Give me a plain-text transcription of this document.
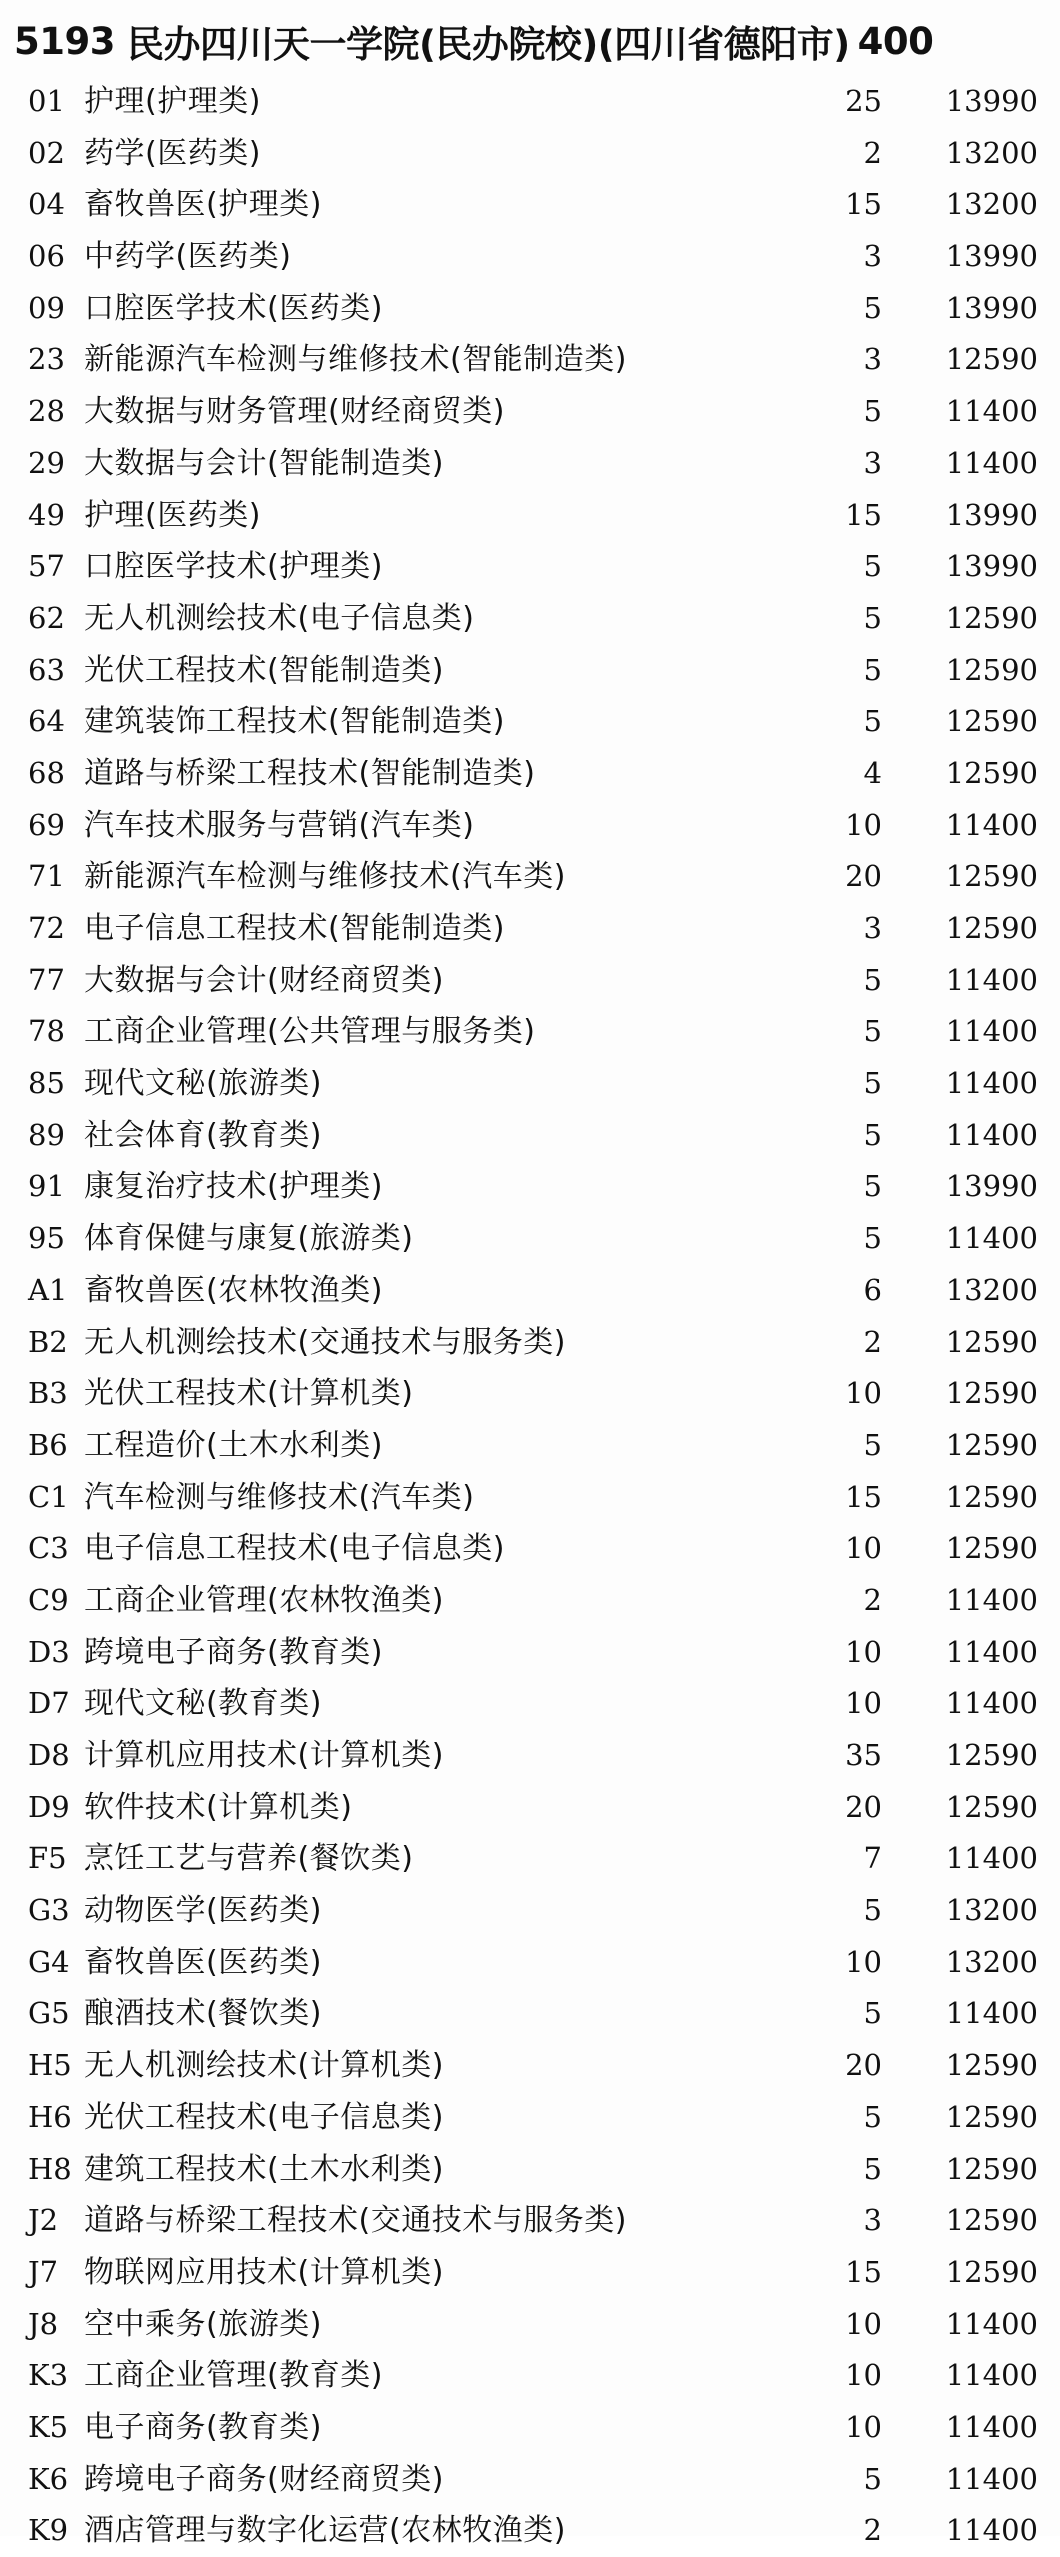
5193 民办四川天一学院(民办院校)(四川省德阳市) 400
01 护理(护理类)	25	13990
02 药学(医药类)	2	13200
04 畜牧兽医(护理类)	15	13200
06 中药学(医药类)	3	13990
09 口腔医学技术(医药类)	5	13990
23 新能源汽车检测与维修技术(智能制造类)	3	12590
28 大数据与财务管理(财经商贸类)	5	11400
29 大数据与会计(智能制造类)	3	11400
49 护理(医药类)	15	13990
57 口腔医学技术(护理类)	5	13990
62 无人机测绘技术(电子信息类)	5	12590
63 光伏工程技术(智能制造类)	5	12590
64 建筑装饰工程技术(智能制造类)	5	12590
68 道路与桥梁工程技术(智能制造类)	4	12590
69 汽车技术服务与营销(汽车类)	10	11400
71 新能源汽车检测与维修技术(汽车类)	20	12590
72 电子信息工程技术(智能制造类)	3	12590
77 大数据与会计(财经商贸类)	5	11400
78 工商企业管理(公共管理与服务类)	5	11400
85 现代文秘(旅游类)	5	11400
89 社会体育(教育类)	5	11400
91 康复治疗技术(护理类)	5	13990
95 体育保健与康复(旅游类)	5	11400
A1 畜牧兽医(农林牧渔类)	6	13200
B2 无人机测绘技术(交通技术与服务类)	2	12590
B3 光伏工程技术(计算机类)	10	12590
B6 工程造价(土木水利类)	5	12590
C1 汽车检测与维修技术(汽车类)	15	12590
C3 电子信息工程技术(电子信息类)	10	12590
C9 工商企业管理(农林牧渔类)	2	11400
D3 跨境电子商务(教育类)	10	11400
D7 现代文秘(教育类)	10	11400
D8 计算机应用技术(计算机类)	35	12590
D9 软件技术(计算机类)	20	12590
F5 烹饪工艺与营养(餐饮类)	7	11400
G3 动物医学(医药类)	5	13200
G4 畜牧兽医(医药类)	10	13200
G5 酿酒技术(餐饮类)	5	11400
H5 无人机测绘技术(计算机类)	20	12590
H6 光伏工程技术(电子信息类)	5	12590
H8 建筑工程技术(土木水利类)	5	12590
J2 道路与桥梁工程技术(交通技术与服务类)	3	12590
J7 物联网应用技术(计算机类)	15	12590
J8 空中乘务(旅游类)	10	11400
K3 工商企业管理(教育类)	10	11400
K5 电子商务(教育类)	10	11400
K6 跨境电子商务(财经商贸类)	5	11400
K9 酒店管理与数字化运营(农林牧渔类)	2	11400
